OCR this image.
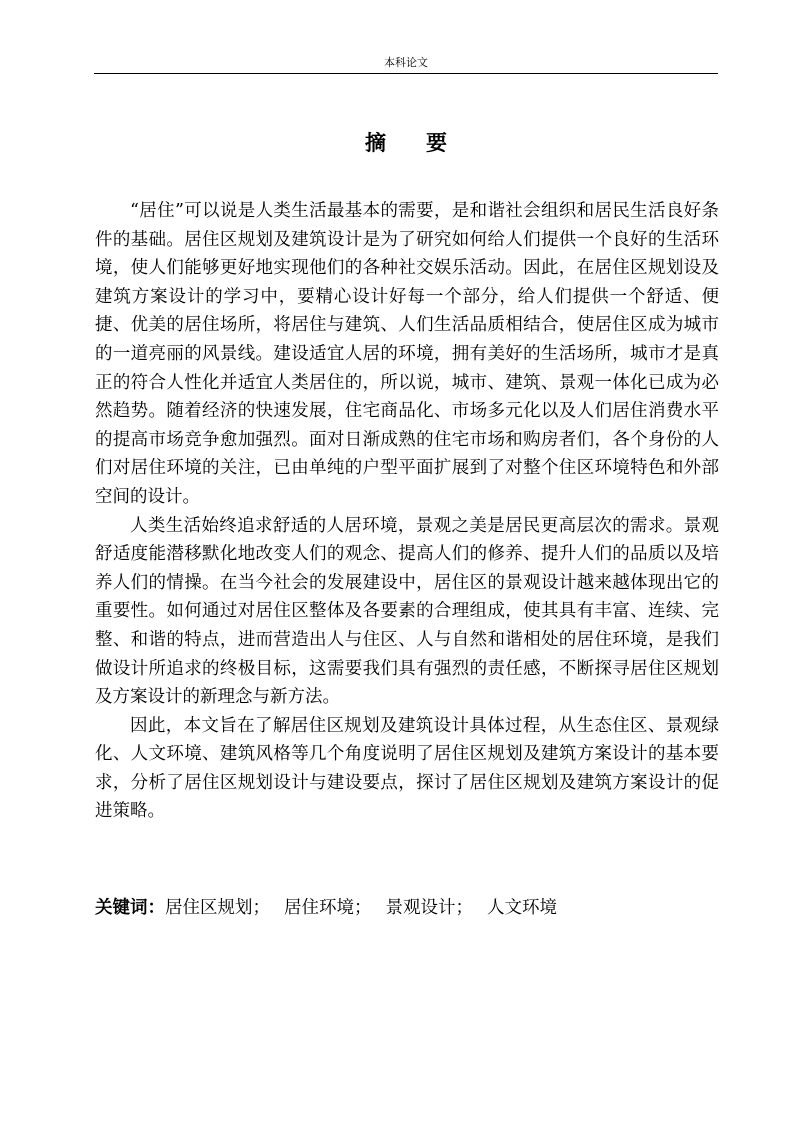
本科论文
摘 要

“居住”可以说是人类生活最基本的需要，是和谐社会组织和居民生活良好条件的基础。居住区规划及建筑设计是为了研究如何给人们提供一个良好的生活环境，使人们能够更好地实现他们的各种社交娱乐活动。因此，在居住区规划设及建筑方案设计的学习中，要精心设计好每一个部分，给人们提供一个舒适、便捷、优美的居住场所，将居住与建筑、人们生活品质相结合，使居住区成为城市的一道亮丽的风景线。建设适宜人居的环境，拥有美好的生活场所，城市才是真正的符合人性化并适宜人类居住的，所以说，城市、建筑、景观一体化已成为必然趋势。随着经济的快速发展，住宅商品化、市场多元化以及人们居住消费水平的提高市场竞争愈加强烈。面对日渐成熟的住宅市场和购房者们，各个身份的人们对居住环境的关注，已由单纯的户型平面扩展到了对整个住区环境特色和外部空间的设计。

人类生活始终追求舒适的人居环境，景观之美是居民更高层次的需求。景观舒适度能潜移默化地改变人们的观念、提高人们的修养、提升人们的品质以及培养人们的情操。在当今社会的发展建设中，居住区的景观设计越来越体现出它的重要性。如何通过对居住区整体及各要素的合理组成，使其具有丰富、连续、完整、和谐的特点，进而营造出人与住区、人与自然和谐相处的居住环境，是我们做设计所追求的终极目标，这需要我们具有强烈的责任感，不断探寻居住区规划及方案设计的新理念与新方法。

因此，本文旨在了解居住区规划及建筑设计具体过程，从生态住区、景观绿化、人文环境、建筑风格等几个角度说明了居住区规划及建筑方案设计的基本要求，分析了居住区规划设计与建设要点，探讨了居住区规划及建筑方案设计的促进策略。

关键词：居住区规划； 居住环境； 景观设计； 人文环境
